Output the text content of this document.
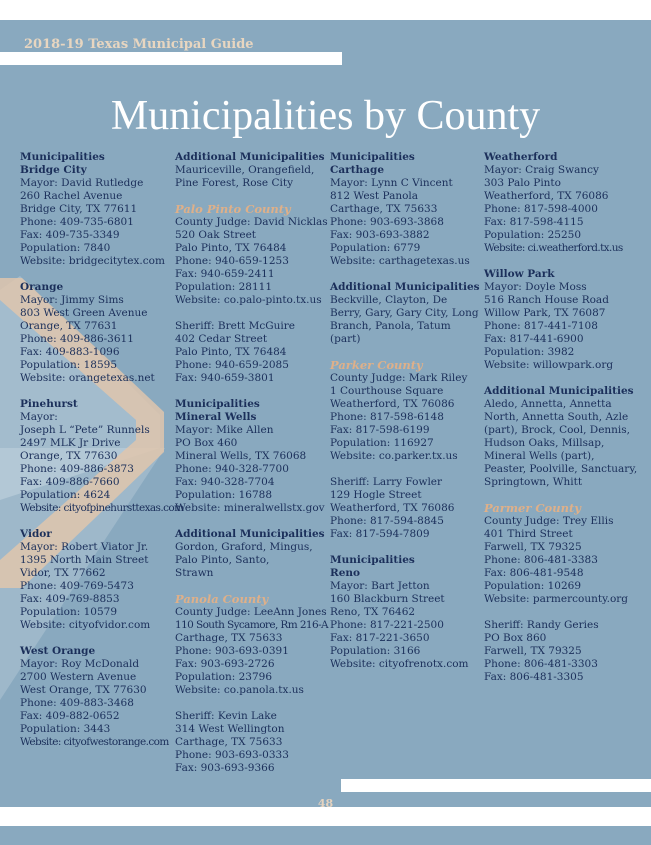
2018-19 Texas Municipal Guide
Municipalities by County
Municipalities
Bridge City
Mayor: David Rutledge
260 Rachel Avenue
Bridge City, TX 77611
Phone: 409-735-6801
Fax: 409-735-3349
Population: 7840
Website: bridgecitytex.com
Orange
Mayor: Jimmy Sims
803 West Green Avenue
Orange, TX 77631
Phone: 409-886-3611
Fax: 409-883-1096
Population: 18595
Website: orangetexas.net
Pinehurst
Mayor:
Joseph L “Pete” Runnels
2497 MLK Jr Drive
Orange, TX 77630
Phone: 409-886-3873
Fax: 409-886-7660
Population: 4624
Website: cityofpinehursttexas.com
Vidor
Mayor: Robert Viator Jr.
1395 North Main Street
Vidor, TX 77662
Phone: 409-769-5473
Fax: 409-769-8853
Population: 10579
Website: cityofvidor.com
West Orange
Mayor: Roy McDonald
2700 Western Avenue
West Orange, TX 77630
Phone: 409-883-3468
Fax: 409-882-0652
Population: 3443
Website: cityofwestorange.com
Additional Municipalities
Mauriceville, Orangefield,
Pine Forest, Rose City
Palo Pinto County
County Judge: David Nicklas
520 Oak Street
Palo Pinto, TX 76484
Phone: 940-659-1253
Fax: 940-659-2411
Population: 28111
Website: co.palo-pinto.tx.us
Sheriff: Brett McGuire
402 Cedar Street
Palo Pinto, TX 76484
Phone: 940-659-2085
Fax: 940-659-3801
Municipalities
Mineral Wells
Mayor: Mike Allen
PO Box 460
Mineral Wells, TX 76068
Phone: 940-328-7700
Fax: 940-328-7704
Population: 16788
Website: mineralwellstx.gov
Additional Municipalities
Gordon, Graford, Mingus,
Palo Pinto, Santo,
Strawn
Panola County
County Judge: LeeAnn Jones
110 South Sycamore, Rm 216-A
Carthage, TX 75633
Phone: 903-693-0391
Fax: 903-693-2726
Population: 23796
Website: co.panola.tx.us
Sheriff: Kevin Lake
314 West Wellington
Carthage, TX 75633
Phone: 903-693-0333
Fax: 903-693-9366
Municipalities
Carthage
Mayor: Lynn C Vincent
812 West Panola
Carthage, TX 75633
Phone: 903-693-3868
Fax: 903-693-3882
Population: 6779
Website: carthagetexas.us
Additional Municipalities
Beckville, Clayton, De
Berry, Gary, Gary City, Long
Branch, Panola, Tatum
(part)
Parker County
County Judge: Mark Riley
1 Courthouse Square
Weatherford, TX 76086
Phone: 817-598-6148
Fax: 817-598-6199
Population: 116927
Website: co.parker.tx.us
Sheriff: Larry Fowler
129 Hogle Street
Weatherford, TX 76086
Phone: 817-594-8845
Fax: 817-594-7809
Municipalities
Reno
Mayor: Bart Jetton
160 Blackburn Street
Reno, TX 76462
Phone: 817-221-2500
Fax: 817-221-3650
Population: 3166
Website: cityofrenotx.com
Weatherford
Mayor: Craig Swancy
303 Palo Pinto
Weatherford, TX 76086
Phone: 817-598-4000
Fax: 817-598-4115
Population: 25250
Website: ci.weatherford.tx.us
Willow Park
Mayor: Doyle Moss
516 Ranch House Road
Willow Park, TX 76087
Phone: 817-441-7108
Fax: 817-441-6900
Population: 3982
Website: willowpark.org
Additional Municipalities
Aledo, Annetta, Annetta
North, Annetta South, Azle
(part), Brock, Cool, Dennis,
Hudson Oaks, Millsap,
Mineral Wells (part),
Peaster, Poolville, Sanctuary,
Springtown, Whitt
Parmer County
County Judge: Trey Ellis
401 Third Street
Farwell, TX 79325
Phone: 806-481-3383
Fax: 806-481-9548
Population: 10269
Website: parmercounty.org
Sheriff: Randy Geries
PO Box 860
Farwell, TX 79325
Phone: 806-481-3303
Fax: 806-481-3305
48
